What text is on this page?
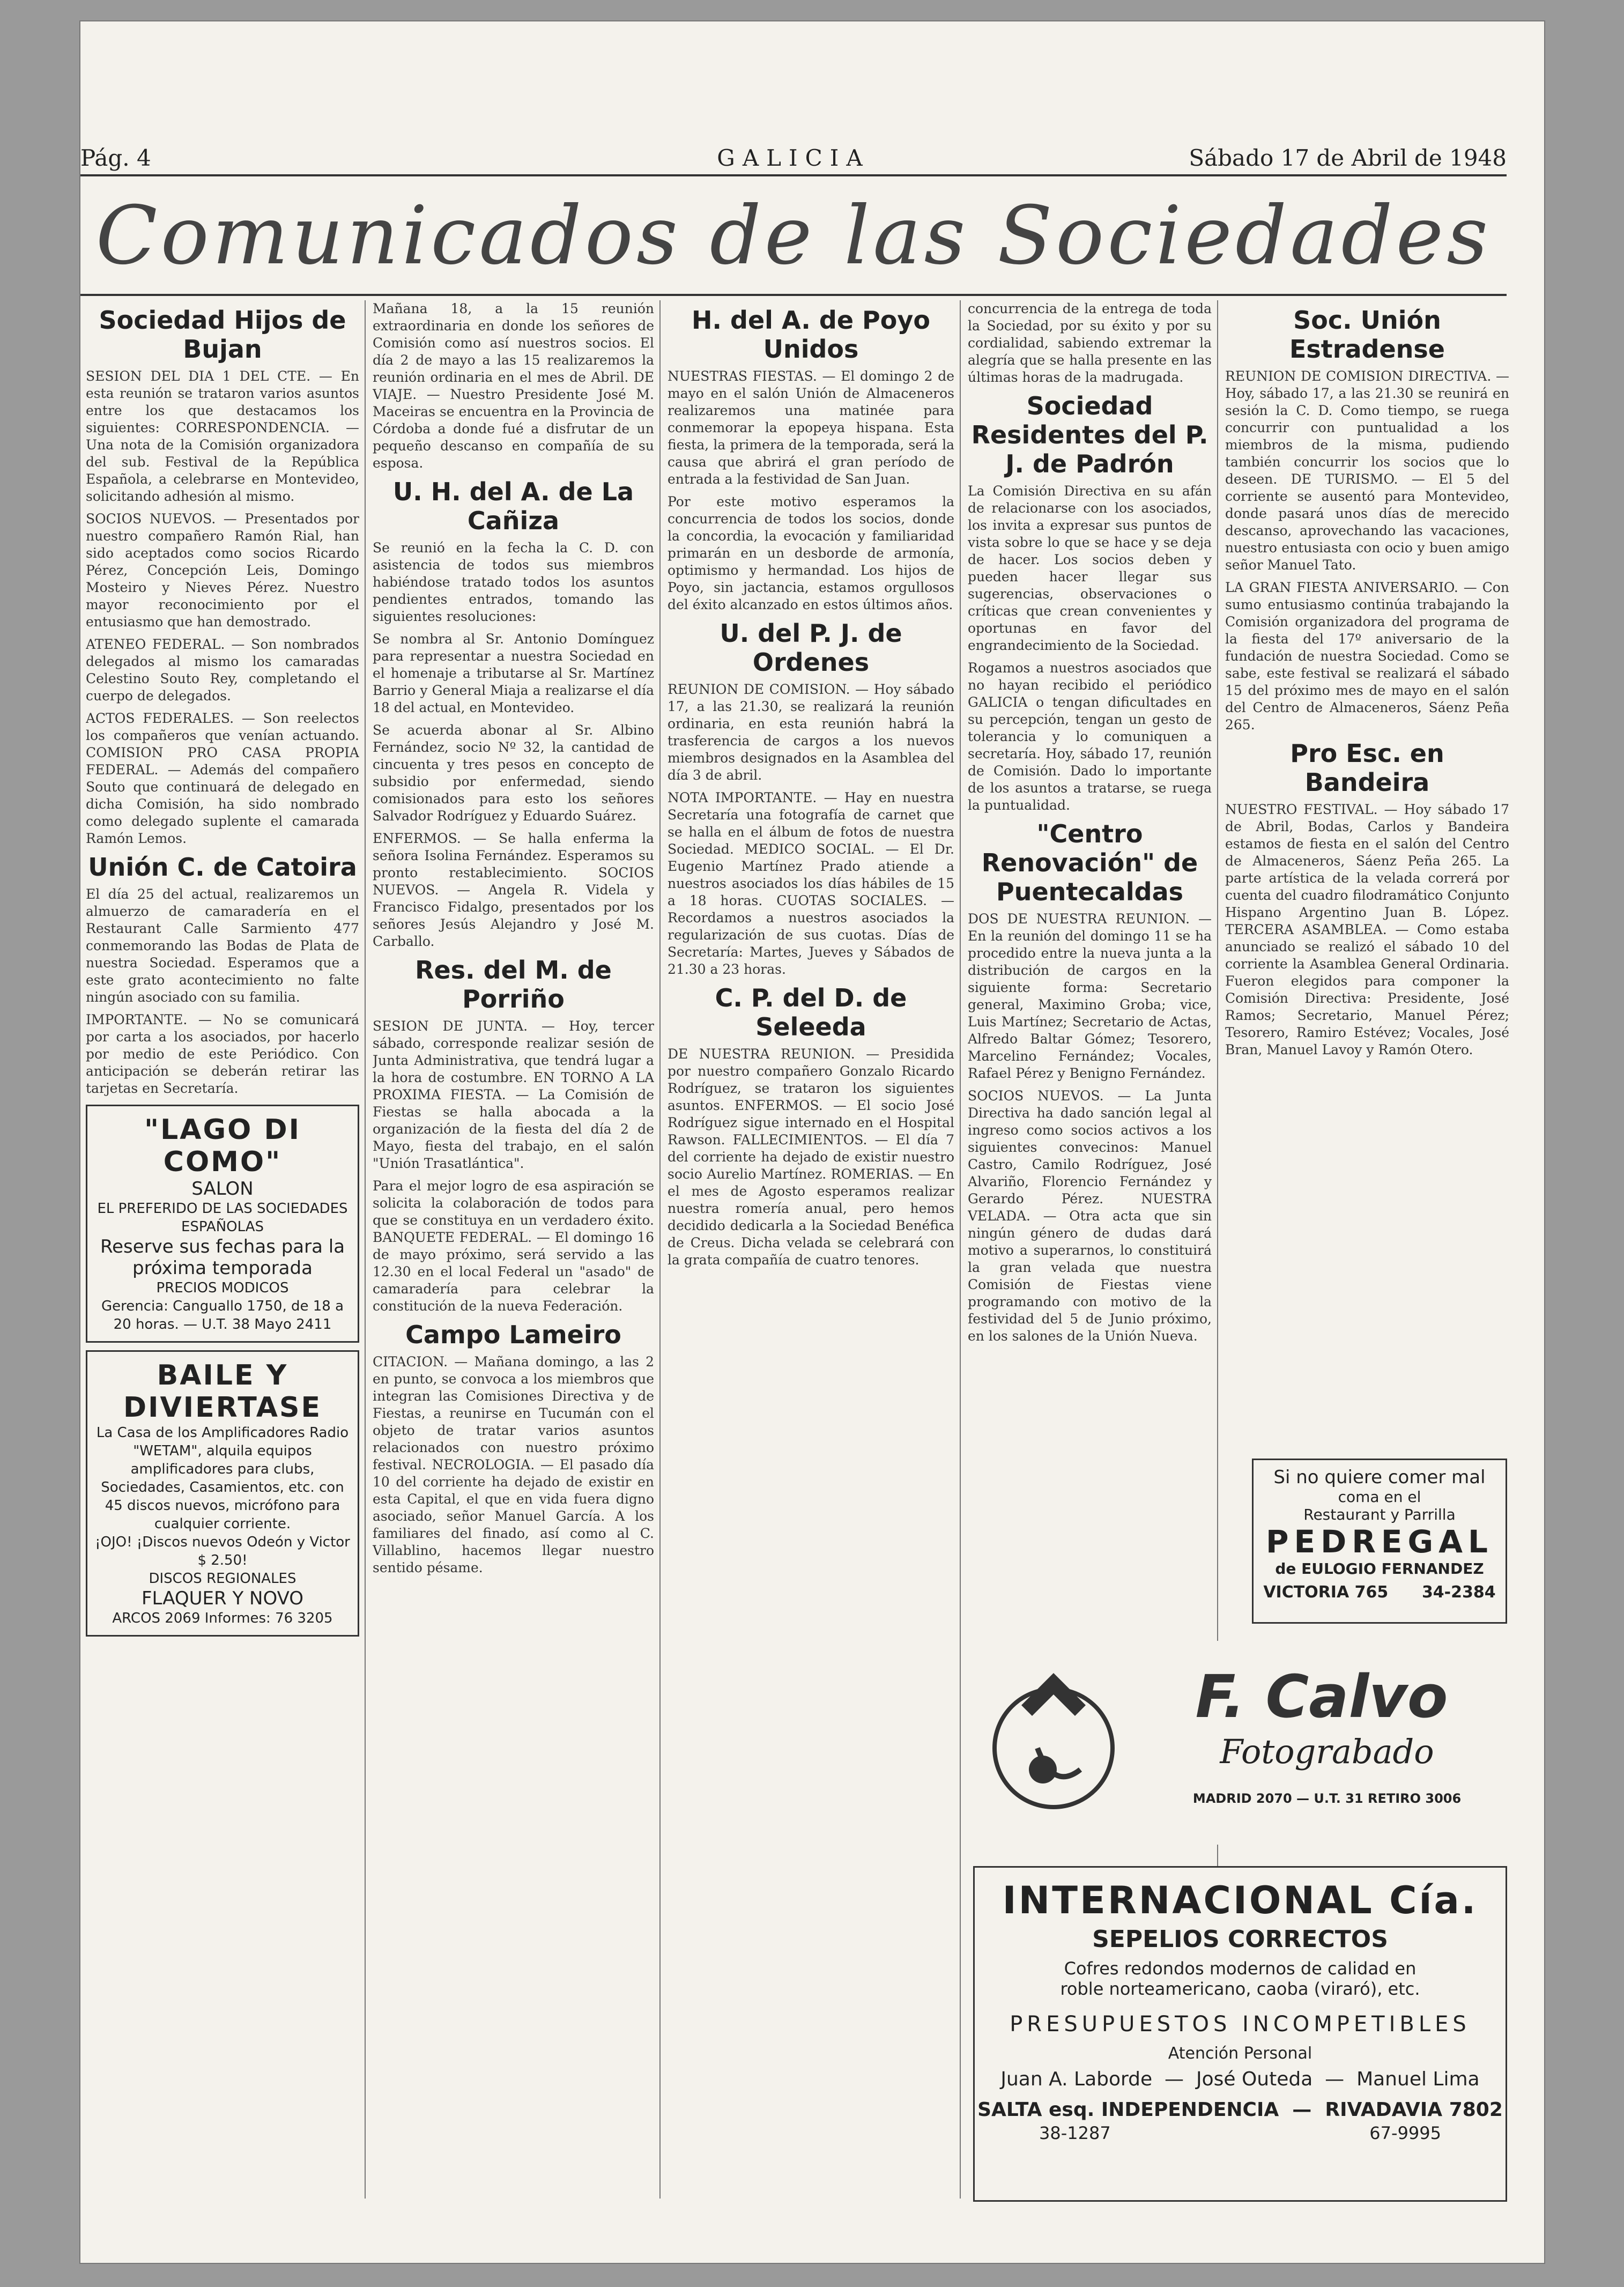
Pág. 4	GALICIA	Sábado 17 de Abril de 1948
Comunicados de las Sociedades
Sociedad Hijos de Bujan

SESION DEL DIA 1 DEL CTE. — En esta reunión se trataron varios asuntos entre los que destacamos los siguientes: CORRESPONDENCIA. — Una nota de la Comisión organizadora del sub. Festival de la República Española, a celebrarse en Montevideo, solicitando adhesión al mismo.

SOCIOS NUEVOS. — Presentados por nuestro compañero Ramón Rial, han sido aceptados como socios Ricardo Pérez, Concepción Leis, Domingo Mosteiro y Nieves Pérez. Nuestro mayor reconocimiento por el entusiasmo que han demostrado.

ATENEO FEDERAL. — Son nombrados delegados al mismo los camaradas Celestino Souto Rey, completando el cuerpo de delegados.

ACTOS FEDERALES. — Son reelectos los compañeros que venían actuando. COMISION PRO CASA PROPIA FEDERAL. — Además del compañero Souto que continuará de delegado en dicha Comisión, ha sido nombrado como delegado suplente el camarada Ramón Lemos.

Unión C. de Catoira

El día 25 del actual, realizaremos un almuerzo de camaradería en el Restaurant Calle Sarmiento 477 conmemorando las Bodas de Plata de nuestra Sociedad. Esperamos que a este grato acontecimiento no falte ningún asociado con su familia.

IMPORTANTE. — No se comunicará por carta a los asociados, por hacerlo por medio de este Periódico. Con anticipación se deberán retirar las tarjetas en Secretaría.

"LAGO DI COMO"
SALON
EL PREFERIDO DE LAS SOCIEDADES ESPAÑOLAS
Reserve sus fechas para la próxima temporada
PRECIOS MODICOS
Gerencia: Canguallo 1750, de 18 a 20 horas. — U.T. 38 Mayo 2411
BAILE Y DIVIERTASE
La Casa de los Amplificadores Radio "WETAM", alquila equipos amplificadores para clubs, Sociedades, Casamientos, etc. con 45 discos nuevos, micrófono para cualquier corriente.
¡OJO! ¡Discos nuevos Odeón y Victor $ 2.50!
DISCOS REGIONALES
FLAQUER Y NOVO
ARCOS 2069 Informes: 76 3205

Mañana 18, a la 15 reunión extraordinaria en donde los señores de Comisión como así nuestros socios. El día 2 de mayo a las 15 realizaremos la reunión ordinaria en el mes de Abril. DE VIAJE. — Nuestro Presidente José M. Maceiras se encuentra en la Provincia de Córdoba a donde fué a disfrutar de un pequeño descanso en compañía de su esposa.

U. H. del A. de La Cañiza

Se reunió en la fecha la C. D. con asistencia de todos sus miembros habiéndose tratado todos los asuntos pendientes entrados, tomando las siguientes resoluciones:

Se nombra al Sr. Antonio Domínguez para representar a nuestra Sociedad en el homenaje a tributarse al Sr. Martínez Barrio y General Miaja a realizarse el día 18 del actual, en Montevideo.

Se acuerda abonar al Sr. Albino Fernández, socio Nº 32, la cantidad de cincuenta y tres pesos en concepto de subsidio por enfermedad, siendo comisionados para esto los señores Salvador Rodríguez y Eduardo Suárez.

ENFERMOS. — Se halla enferma la señora Isolina Fernández. Esperamos su pronto restablecimiento. SOCIOS NUEVOS. — Angela R. Videla y Francisco Fidalgo, presentados por los señores Jesús Alejandro y José M. Carballo.

Res. del M. de Porriño

SESION DE JUNTA. — Hoy, tercer sábado, corresponde realizar sesión de Junta Administrativa, que tendrá lugar a la hora de costumbre. EN TORNO A LA PROXIMA FIESTA. — La Comisión de Fiestas se halla abocada a la organización de la fiesta del día 2 de Mayo, fiesta del trabajo, en el salón "Unión Trasatlántica".

Para el mejor logro de esa aspiración se solicita la colaboración de todos para que se constituya en un verdadero éxito. BANQUETE FEDERAL. — El domingo 16 de mayo próximo, será servido a las 12.30 en el local Federal un "asado" de camaradería para celebrar la constitución de la nueva Federación.

Campo Lameiro

CITACION. — Mañana domingo, a las 2 en punto, se convoca a los miembros que integran las Comisiones Directiva y de Fiestas, a reunirse en Tucumán con el objeto de tratar varios asuntos relacionados con nuestro próximo festival. NECROLOGIA. — El pasado día 10 del corriente ha dejado de existir en esta Capital, el que en vida fuera digno asociado, señor Manuel García. A los familiares del finado, así como al C. Villablino, hacemos llegar nuestro sentido pésame.

H. del A. de Poyo Unidos

NUESTRAS FIESTAS. — El domingo 2 de mayo en el salón Unión de Almaceneros realizaremos una matinée para conmemorar la epopeya hispana. Esta fiesta, la primera de la temporada, será la causa que abrirá el gran período de entrada a la festividad de San Juan.

Por este motivo esperamos la concurrencia de todos los socios, donde la concordia, la evocación y familiaridad primarán en un desborde de armonía, optimismo y hermandad. Los hijos de Poyo, sin jactancia, estamos orgullosos del éxito alcanzado en estos últimos años.

U. del P. J. de Ordenes

REUNION DE COMISION. — Hoy sábado 17, a las 21.30, se realizará la reunión ordinaria, en esta reunión habrá la trasferencia de cargos a los nuevos miembros designados en la Asamblea del día 3 de abril.

NOTA IMPORTANTE. — Hay en nuestra Secretaría una fotografía de carnet que se halla en el álbum de fotos de nuestra Sociedad. MEDICO SOCIAL. — El Dr. Eugenio Martínez Prado atiende a nuestros asociados los días hábiles de 15 a 18 horas. CUOTAS SOCIALES. — Recordamos a nuestros asociados la regularización de sus cuotas. Días de Secretaría: Martes, Jueves y Sábados de 21.30 a 23 horas.

C. P. del D. de Seleeda

DE NUESTRA REUNION. — Presidida por nuestro compañero Gonzalo Ricardo Rodríguez, se trataron los siguientes asuntos. ENFERMOS. — El socio José Rodríguez sigue internado en el Hospital Rawson. FALLECIMIENTOS. — El día 7 del corriente ha dejado de existir nuestro socio Aurelio Martínez. ROMERIAS. — En el mes de Agosto esperamos realizar nuestra romería anual, pero hemos decidido dedicarla a la Sociedad Benéfica de Creus. Dicha velada se celebrará con la grata compañía de cuatro tenores.

concurrencia de la entrega de toda la Sociedad, por su éxito y por su cordialidad, sabiendo extremar la alegría que se halla presente en las últimas horas de la madrugada.

Sociedad Residentes del P. J. de Padrón

La Comisión Directiva en su afán de relacionarse con los asociados, los invita a expresar sus puntos de vista sobre lo que se hace y se deja de hacer. Los socios deben y pueden hacer llegar sus sugerencias, observaciones o críticas que crean convenientes y oportunas en favor del engrandecimiento de la Sociedad.

Rogamos a nuestros asociados que no hayan recibido el periódico GALICIA o tengan dificultades en su percepción, tengan un gesto de tolerancia y lo comuniquen a secretaría. Hoy, sábado 17, reunión de Comisión. Dado lo importante de los asuntos a tratarse, se ruega la puntualidad.

"Centro Renovación" de Puentecaldas

DOS DE NUESTRA REUNION. — En la reunión del domingo 11 se ha procedido entre la nueva junta a la distribución de cargos en la siguiente forma: Secretario general, Maximino Groba; vice, Luis Martínez; Secretario de Actas, Alfredo Baltar Gómez; Tesorero, Marcelino Fernández; Vocales, Rafael Pérez y Benigno Fernández.

SOCIOS NUEVOS. — La Junta Directiva ha dado sanción legal al ingreso como socios activos a los siguientes convecinos: Manuel Castro, Camilo Rodríguez, José Alvariño, Florencio Fernández y Gerardo Pérez. NUESTRA VELADA. — Otra acta que sin ningún género de dudas dará motivo a superarnos, lo constituirá la gran velada que nuestra Comisión de Fiestas viene programando con motivo de la festividad del 5 de Junio próximo, en los salones de la Unión Nueva.

Soc. Unión Estradense

REUNION DE COMISION DIRECTIVA. — Hoy, sábado 17, a las 21.30 se reunirá en sesión la C. D. Como tiempo, se ruega concurrir con puntualidad a los miembros de la misma, pudiendo también concurrir los socios que lo deseen. DE TURISMO. — El 5 del corriente se ausentó para Montevideo, donde pasará unos días de merecido descanso, aprovechando las vacaciones, nuestro entusiasta con ocio y buen amigo señor Manuel Tato.

LA GRAN FIESTA ANIVERSARIO. — Con sumo entusiasmo continúa trabajando la Comisión organizadora del programa de la fiesta del 17º aniversario de la fundación de nuestra Sociedad. Como se sabe, este festival se realizará el sábado 15 del próximo mes de mayo en el salón del Centro de Almaceneros, Sáenz Peña 265.

Pro Esc. en Bandeira

NUESTRO FESTIVAL. — Hoy sábado 17 de Abril, Bodas, Carlos y Bandeira estamos de fiesta en el salón del Centro de Almaceneros, Sáenz Peña 265. La parte artística de la velada correrá por cuenta del cuadro filodramático Conjunto Hispano Argentino Juan B. López. TERCERA ASAMBLEA. — Como estaba anunciado se realizó el sábado 10 del corriente la Asamblea General Ordinaria. Fueron elegidos para componer la Comisión Directiva: Presidente, José Ramos; Secretario, Manuel Pérez; Tesorero, Ramiro Estévez; Vocales, José Bran, Manuel Lavoy y Ramón Otero.

Si no quiere comer mal
coma en el
Restaurant y Parrilla
PEDREGAL
de EULOGIO FERNANDEZ
VICTORIA 765 34-2384
F. Calvo
Fotograbado
MADRID 2070 — U.T. 31 RETIRO 3006
INTERNACIONAL Cía.
SEPELIOS CORRECTOS
Cofres redondos modernos de calidad en
roble norteamericano, caoba (viraró), etc.
PRESUPUESTOS INCOMPETIBLES
Atención Personal
Juan A. Laborde  —  José Outeda  —  Manuel Lima
SALTA esq. INDEPENDENCIA  —  RIVADAVIA 7802
38-1287	67-9995
